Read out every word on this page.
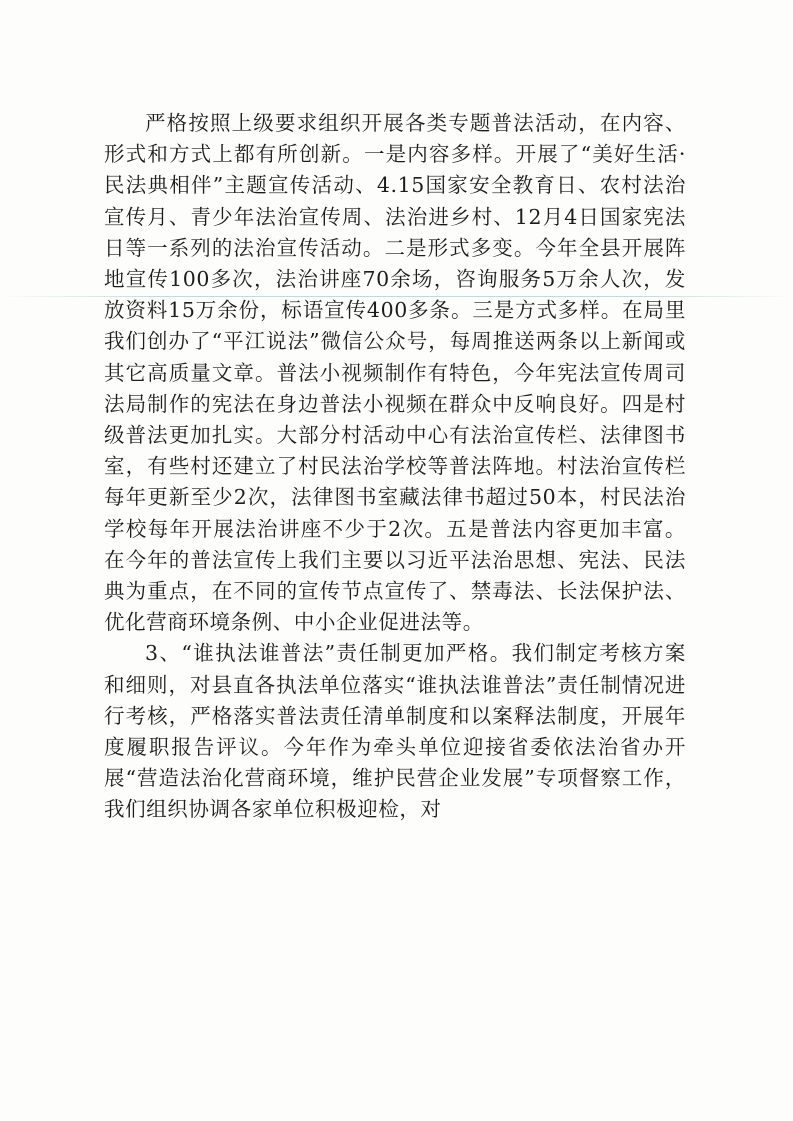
严格按照上级要求组织开展各类专题普法活动，在内容、形式和方式上都有所创新。一是内容多样。开展了“美好生活·民法典相伴”主题宣传活动、4.15国家安全教育日、农村法治宣传月、青少年法治宣传周、法治进乡村、12月4日国家宪法日等一系列的法治宣传活动。二是形式多变。今年全县开展阵地宣传100多次，法治讲座70余场，咨询服务5万余人次，发放资料15万余份，标语宣传400多条。三是方式多样。在局里我们创办了“平江说法”微信公众号，每周推送两条以上新闻或其它高质量文章。普法小视频制作有特色，今年宪法宣传周司法局制作的宪法在身边普法小视频在群众中反响良好。四是村级普法更加扎实。大部分村活动中心有法治宣传栏、法律图书室，有些村还建立了村民法治学校等普法阵地。村法治宣传栏每年更新至少2次，法律图书室藏法律书超过50本，村民法治学校每年开展法治讲座不少于2次。五是普法内容更加丰富。在今年的普法宣传上我们主要以习近平法治思想、宪法、民法典为重点，在不同的宣传节点宣传了、禁毒法、长法保护法、优化营商环境条例、中小企业促进法等。

3、“谁执法谁普法”责任制更加严格。我们制定考核方案和细则，对县直各执法单位落实“谁执法谁普法”责任制情况进行考核，严格落实普法责任清单制度和以案释法制度，开展年度履职报告评议。今年作为牵头单位迎接省委依法治省办开展“营造法治化营商环境，维护民营企业发展”专项督察工作，我们组织协调各家单位积极迎检，对
